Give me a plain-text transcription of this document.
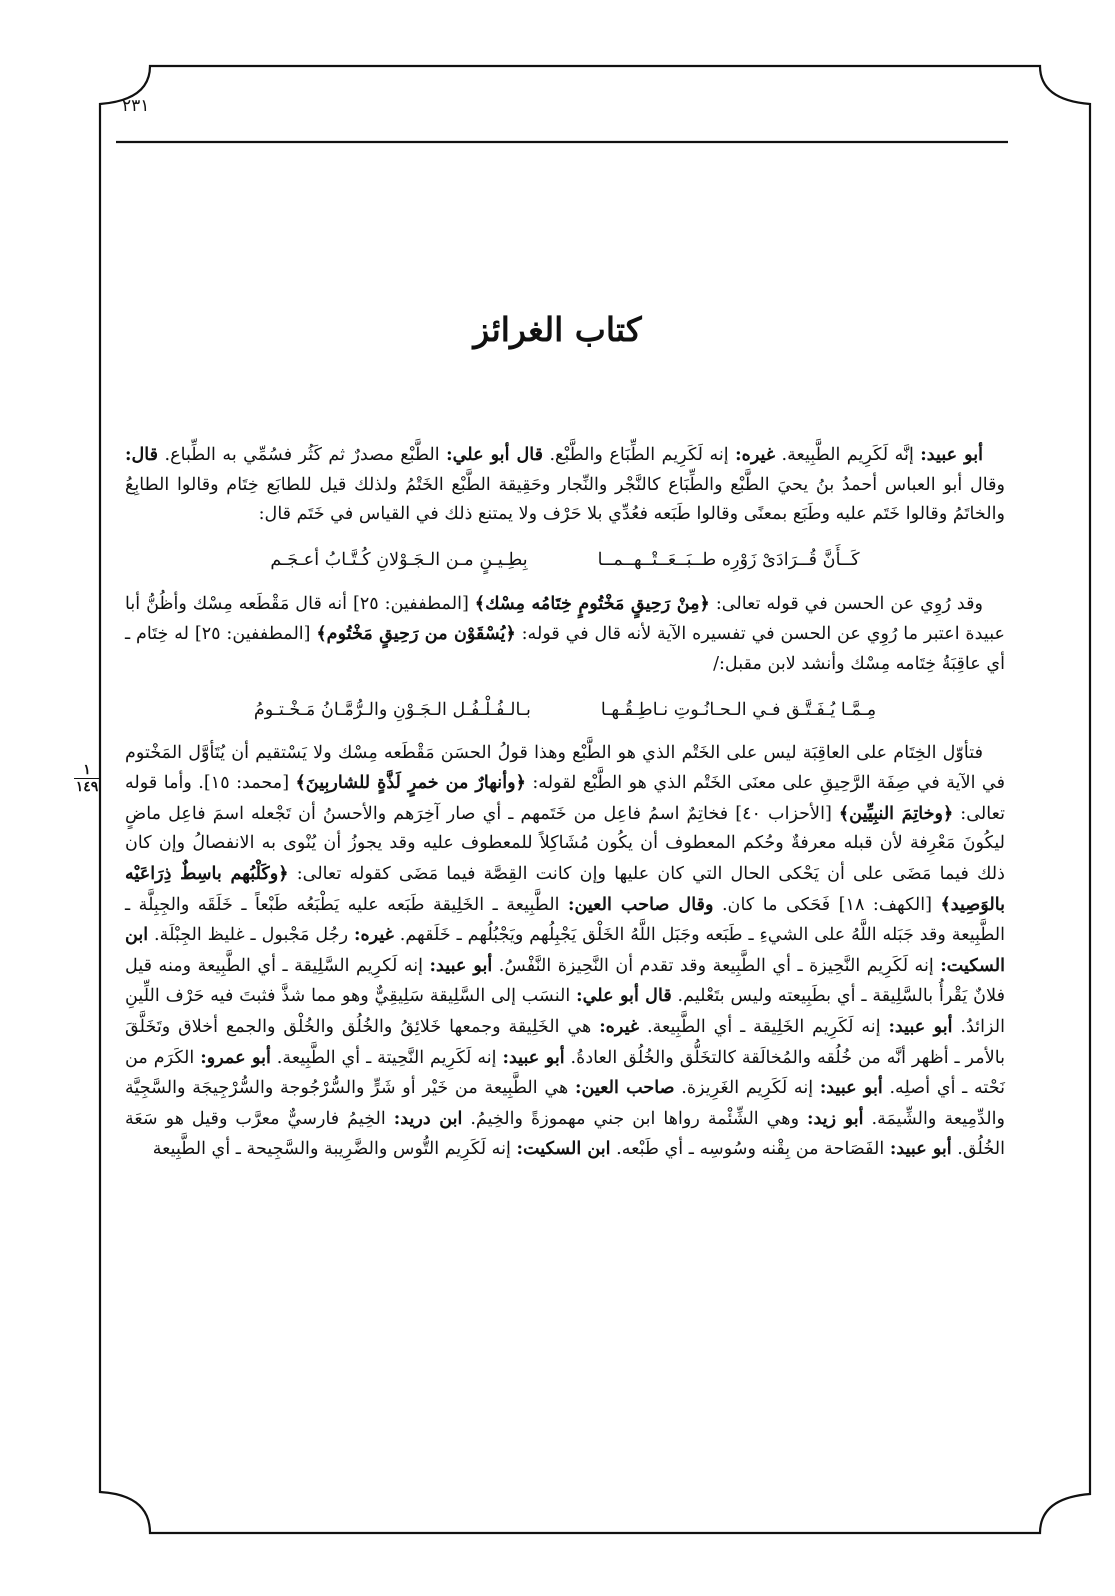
٢٣١
كتاب الغرائز
١
١٤٩

أبو عبيد: إنَّه لَكَرِيم الطَّبِيعة. غيره: إنه لَكَرِيم الطِّبَاع والطَّبْع. قال أبو علي: الطَّبْع مصدرٌ ثم كَثُر فسُمِّي به الطِّباع. قال: وقال أبو العباس أحمدُ بنُ يحيَ الطَّبْع والطِّبَاع كالنَّجْر والنِّجار وحَقِيقة الطَّبْع الخَتْمُ ولذلك قيل للطابَع خِتَام وقالوا الطابِعُ والخاتَمُ وقالوا خَتَم عليه وطَبَع بمعنًى وقالوا طَبَعه فعُدِّي بلا حَرْف ولا يمتنع ذلك في القياس في خَتَم قال:

كَــأَنَّ قُــرَادَىْ زَوْرِه طــبَــعَــتْــهــمــا
بِطِـيـنٍ مـن الـجَـوْلانِ كُـتَّـابُ أعـجَـم

وقد رُوِي عن الحسن في قوله تعالى: ﴿مِنْ رَحِيقٍ مَخْتُومٍ خِتَامُه مِسْك﴾ [المطففين: ٢٥] أنه قال مَقْطَعه مِسْك وأظُنُّ أبا عبيدة اعتبر ما رُوِي عن الحسن في تفسيره الآية لأنه قال في قوله: ﴿يُسْقَوْن من رَحِيقٍ مَخْتُوم﴾ [المطففين: ٢٥] له خِتَام ـ أي عاقِبَةُ خِتَامه مِسْك وأنشد لابن مقبل:/

مِـمَّـا يُـفَـتَّـق فـي الـحـانُـوتِ نـاطِـقُـهـا
بـالـفُـلْـفُـل الـجَـوْنِ والـرُّمَّـانُ مَـخْـتـومُ

فتأوّل الخِتَام على العاقِبَة ليس على الخَتْم الذي هو الطَّبْع وهذا قولُ الحسَن مَقْطَعه مِسْك ولا يَسْتقيم أن يُتَأوَّل المَخْتوم في الآية في صِفَة الرَّحِيقِ على معنَى الخَتْم الذي هو الطَّبْع لقوله: ﴿وأنهارٌ من خمرٍ لَذَّةٍ للشاربِينَ﴾ [محمد: ١٥]. وأما قوله تعالى: ﴿وخاتِمَ النبِيِّين﴾ [الأحزاب ٤٠] فخاتِمٌ اسمُ فاعِل من خَتَمهم ـ أي صار آخِرَهم والأحسنُ أن تَجْعله اسمَ فاعِل ماضٍ ليكُونَ مَعْرِفة لأن قبله معرفةٌ وحُكم المعطوف أن يكُون مُشَاكِلاً للمعطوف عليه وقد يجوزُ أن يُنْوى به الانفصالُ وإن كان ذلك فيما مَضَى على أن يَحْكى الحال التي كان عليها وإن كانت القِصَّة فيما مَضَى كقوله تعالى: ﴿وكَلْبُهم باسِطٌ ذِرَاعَيْه بالوَصِيد﴾ [الكهف: ١٨] فَحَكى ما كان. وقال صاحب العين: الطَّبِيعة ـ الخَلِيقة طَبَعه عليه يَطْبَعُه طَبْعاً ـ خَلَقَه والجِبِلَّة ـ الطَّبِيعة وقد جَبَله اللَّهُ على الشيءِ ـ طَبَعه وجَبَل اللَّهُ الخَلْق يَجْبِلُهم ويَجْبُلُهم ـ خَلَقهم. غيره: رجُل مَجْبول ـ غليظ الجِبْلَة. ابن السكيت: إنه لَكَرِيم النَّحِيزة ـ أي الطَّبِيعة وقد تقدم أن النَّحِيزة النَّفْسُ. أبو عبيد: إنه لَكرِيم السَّلِيقة ـ أي الطَّبِيعة ومنه قيل فلانٌ يَقْرأُ بالسَّلِيقة ـ أي بطَبِيعته وليس بتَعْليم. قال أبو علي: النسَب إلى السَّلِيقة سَلِيقِيٌّ وهو مما شذَّ فثبتَ فيه حَرْف اللِّينِ الزائدُ. أبو عبيد: إنه لَكَرِيم الخَلِيقة ـ أي الطَّبِيعة. غيره: هي الخَلِيقة وجمعها خَلائِقُ والخُلُق والخُلْق والجمع أخلاق وتَخَلَّقَ بالأمر ـ أظهر أنَّه من خُلُقه والمُخالَقة كالتخَلُّق والخُلُق العادةُ. أبو عبيد: إنه لَكَرِيم النَّحِيتة ـ أي الطَّبِيعة. أبو عمرو: الكَرَم من نَحْته ـ أي أصلِه. أبو عبيد: إنه لَكَرِيم الغَرِيزة. صاحب العين: هي الطَّبِيعة من خَيْر أو شَرٍّ والسُّرْجُوجة والسُّرْجِيجَة والسَّجِيَّة والدِّمِيعة والشِّيمَة. أبو زيد: وهي الشِّئْمة رواها ابن جني مهموزةً والخِيمُ. ابن دريد: الخِيمُ فارسيٌّ معرَّب وقيل هو سَعَة الخُلُق. أبو عبيد: الفَصَاحة من بِقْنه وسُوسِه ـ أي طَبْعه. ابن السكيت: إنه لَكَرِيم التُّوس والضَّرِيبة والسَّجِيحة ـ أي الطَّبِيعة
